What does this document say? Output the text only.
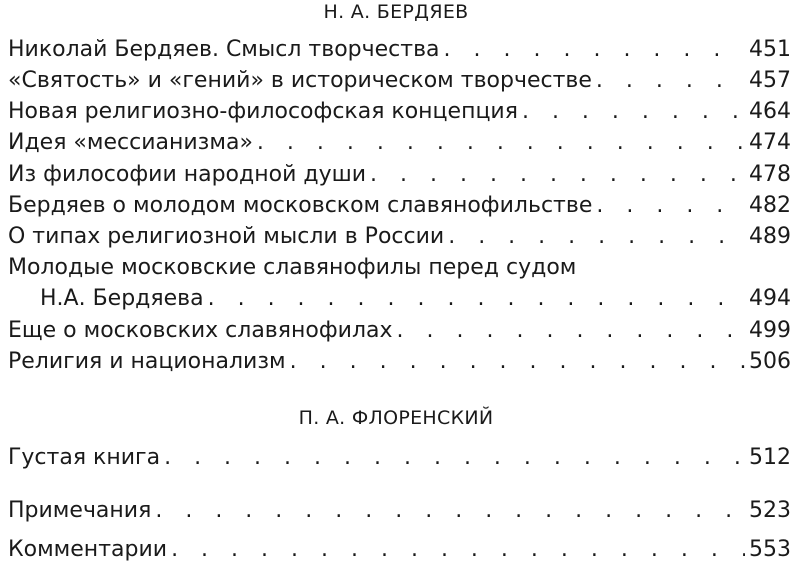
Н. А. БЕРДЯЕВ
Николай Бердяев. Смысл творчества . . .	451
«Святость» и «гений» в историческом творчестве . . .	457
Новая религиозно-философская концепция . . .	464
Идея «мессианизма» . . .	474
Из философии народной души . . .	478
Бердяев о молодом московском славянофильстве . . .	482
О типах религиозной мысли в России . . .	489
Молодые московские славянофилы перед судом
Н.А. Бердяева . . .	494
Еще о московских славянофилах . . .	499
Религия и национализм . . .	506
П. А. ФЛОРЕНСКИЙ
Густая книга . . .	512
Примечания . . .	523
Комментарии . . .	553
